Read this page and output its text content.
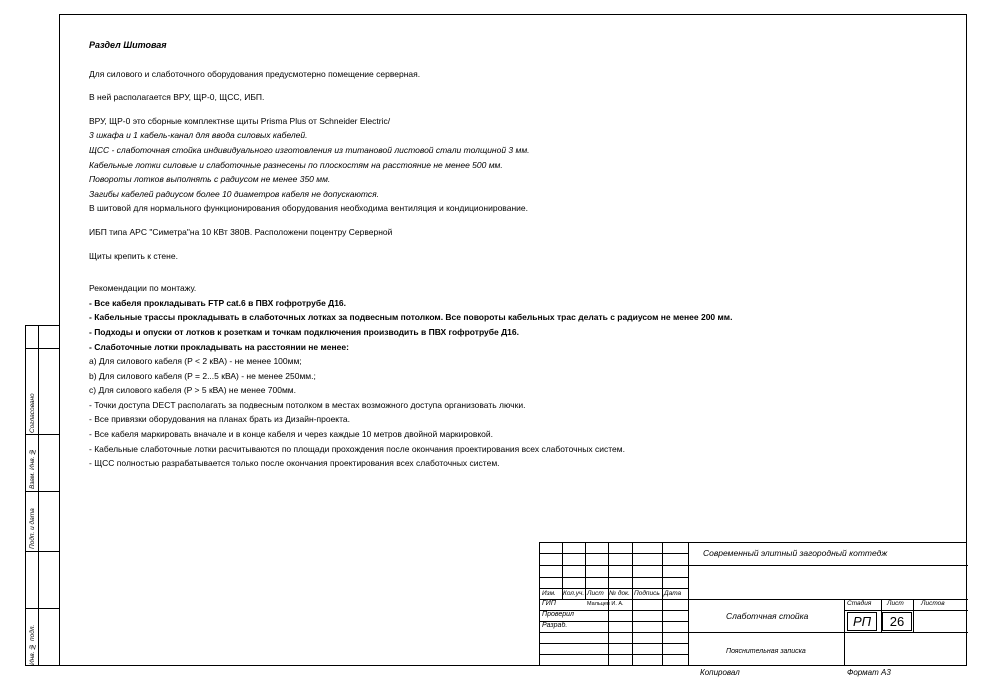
Раздел Шитовая

Для силового и слаботочного оборудования предусмотерно помещение серверная.

В ней располагается ВРУ, ЩР-0, ЩСС, ИБП.

ВРУ, ЩР-0 это сборные комплектнsе щиты Prisma Plus от Schneider Electric/

3 шкафа и 1 кабель-канал для ввода силовых кабелей.

ЩСС - слаботочная стойка индивидуального изготовления из титановой листовой стали толщиной 3 мм.

Кабельные лотки силовые и слаботочные разнесены по плоскостям на расстояние не менее 500 мм.

Повороты лотков выполнять с радиусом не менее 350 мм.

Загибы кабелей радиусом более 10 диаметров кабеля не допускаются.

В шитовой для нормального функционирования оборудования необходима вентиляция и кондиционирование.

ИБП типа APC "Симетра"на 10 КВт 380В. Расположени поцентру Серверной

Щиты крепить к стене.

Рекомендации по монтажу.

- Все кабеля прокладывать FTP cat.6 в ПВХ гофротрубе Д16.

- Кабельные трассы прокладывать в слаботочных лотках за подвесным потолком. Все повороты кабельных трас делать с радиусом не менее 200 мм.

- Подходы и опуски от лотков к розеткам и точкам подключения производить в ПВХ гофротрубе Д16.

- Слаботочные лотки прокладывать на расстоянии не менее:

a) Для силового кабеля (P < 2 кВА) - не менее 100мм;

b) Для силового кабеля (P = 2...5 кВА) - не менее 250мм.;

c) Для силового кабеля (P > 5 кВА) не менее 700мм.

- Точки доступа DECT располагать за подвесным потолком в местах возможного доступа организовать лючки.

- Все привязки оборудования на планах брать из Дизайн-проекта.

- Все кабеля маркировать вначале и в конце кабеля и через каждые 10 метров двойной маркировкой.

- Кабельные слаботочные лотки расчитываются по площади прохождения после окончания проектирования всех слаботочных систем.

- ЩСС полностью разрабатывается только после окончания проектирования всех слаботочных систем.

Согласовано
Взам. Инв. №
Подп. и дата
Инв. № подл.
Современный элитный загородный коттедж
Изм. Кол.уч. Лист № док. Подпись Дата
ГИП
Проверил
Разраб.
Мальцев И. А.
Слаботчная стойка
Пояснительная записка
Стадия Лист	Листов
РП	26
Копировал	Формат А3
